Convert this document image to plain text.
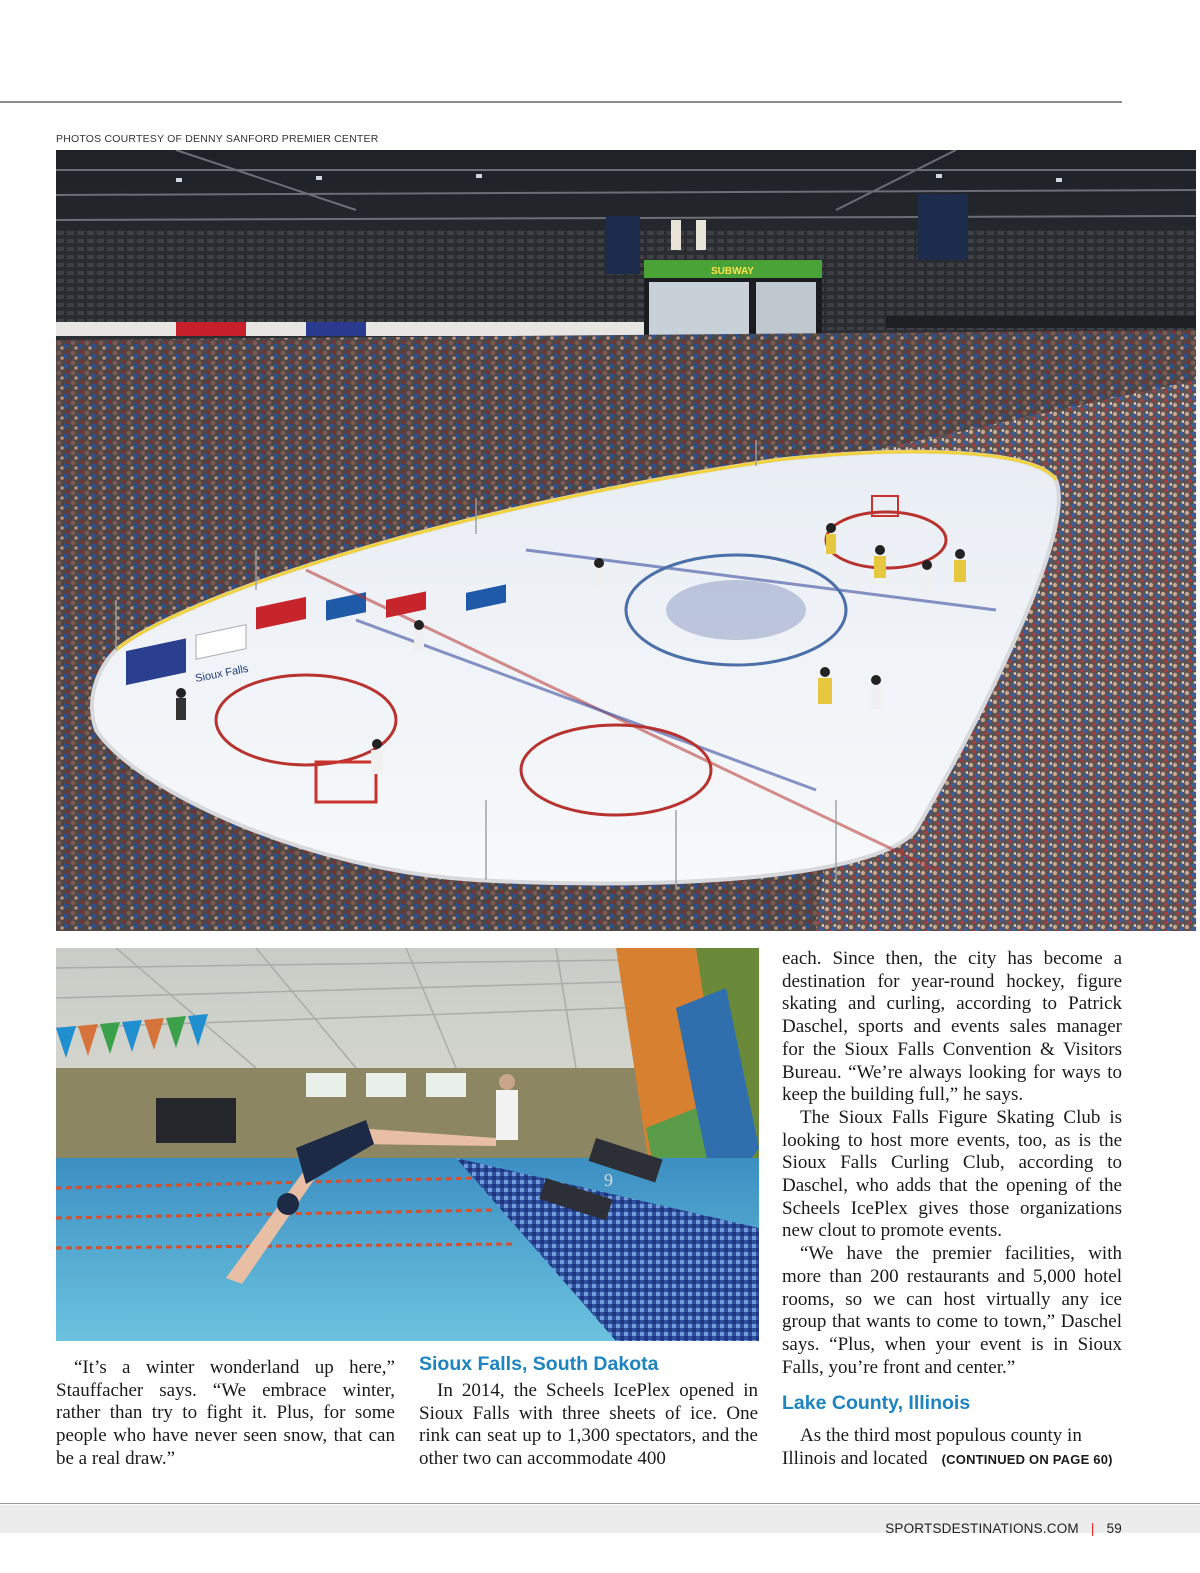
PHOTOS COURTESY OF DENNY SANFORD PREMIER CENTER
SUBWAY
Sioux Falls
9

“It’s a winter wonderland up here,” Stauffacher says. “We embrace winter, rather than try to fight it. Plus, for some people who have never seen snow, that can be a real draw.”

Sioux Falls, South Dakota

In 2014, the Scheels IcePlex opened in Sioux Falls with three sheets of ice. One rink can seat up to 1,300 spectators, and the other two can accommodate 400

each. Since then, the city has become a destination for year-round hockey, figure skating and curling, according to Patrick Daschel, sports and events sales manager for the Sioux Falls Convention & Visitors Bureau. “We’re always looking for ways to keep the building full,” he says.

The Sioux Falls Figure Skating Club is looking to host more events, too, as is the Sioux Falls Curling Club, according to Daschel, who adds that the opening of the Scheels IcePlex gives those organizations new clout to promote events.

“We have the premier facilities, with more than 200 restaurants and 5,000 hotel rooms, so we can host virtually any ice group that wants to come to town,” Daschel says. “Plus, when your event is in Sioux Falls, you’re front and center.”

Lake County, Illinois

As the third most populous county in Illinois and located (CONTINUED ON PAGE 60)

SPORTSDESTINATIONS.COM | 59
